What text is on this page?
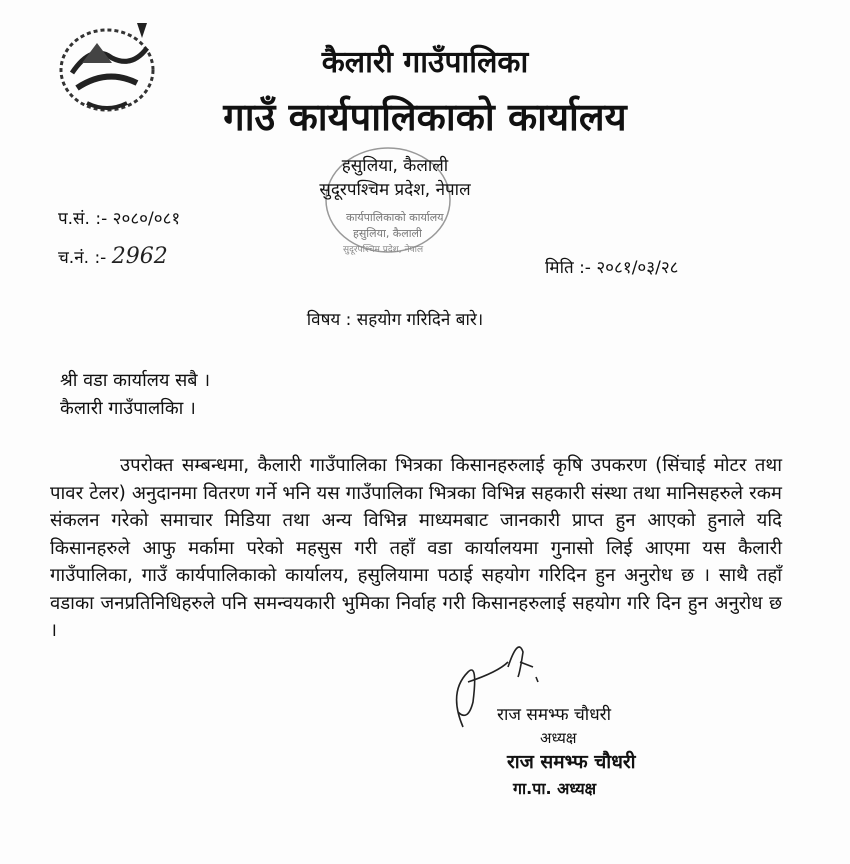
कैलारी गाउँपालिका
गाउँ कार्यपालिकाको कार्यालय
कार्यपालिकाको कार्यालय
हसुलिया, कैलाली
सुदूरपश्चिम प्रदेश, नेपाल
हसुलिया, कैलाली
सुदूरपश्चिम प्रदेश, नेपाल
प.सं. :- २०८०/०८१
च.नं. :- 2962	मिति :- २०८१/०३/२८
विषय : सहयोग गरिदिने बारे।
श्री वडा कार्यालय सबै ।
कैलारी गाउँपालकिा ।

उपरोक्त सम्बन्धमा, कैलारी गाउँपालिका भित्रका किसानहरुलाई कृषि उपकरण (सिंचाई मोटर तथा पावर टेलर) अनुदानमा वितरण गर्ने भनि यस गाउँपालिका भित्रका विभिन्न सहकारी संस्था तथा मानिसहरुले रकम संकलन गरेको समाचार मिडिया तथा अन्य विभिन्न माध्यमबाट जानकारी प्राप्त हुन आएको हुनाले यदि किसानहरुले आफु मर्कामा परेको महसुस गरी तहाँ वडा कार्यालयमा गुनासो लिई आएमा यस कैलारी गाउँपालिका, गाउँ कार्यपालिकाको कार्यालय, हसुलियामा पठाई सहयोग गरिदिन हुन अनुरोध छ । साथै तहाँ वडाका जनप्रतिनिधिहरुले पनि समन्वयकारी भुमिका निर्वाह गरी किसानहरुलाई सहयोग गरि दिन हुन अनुरोध छ ।

राज समभ्फ चौधरी
अध्यक्ष
राज समभ्फ चौधरी
गा.पा. अध्यक्ष
